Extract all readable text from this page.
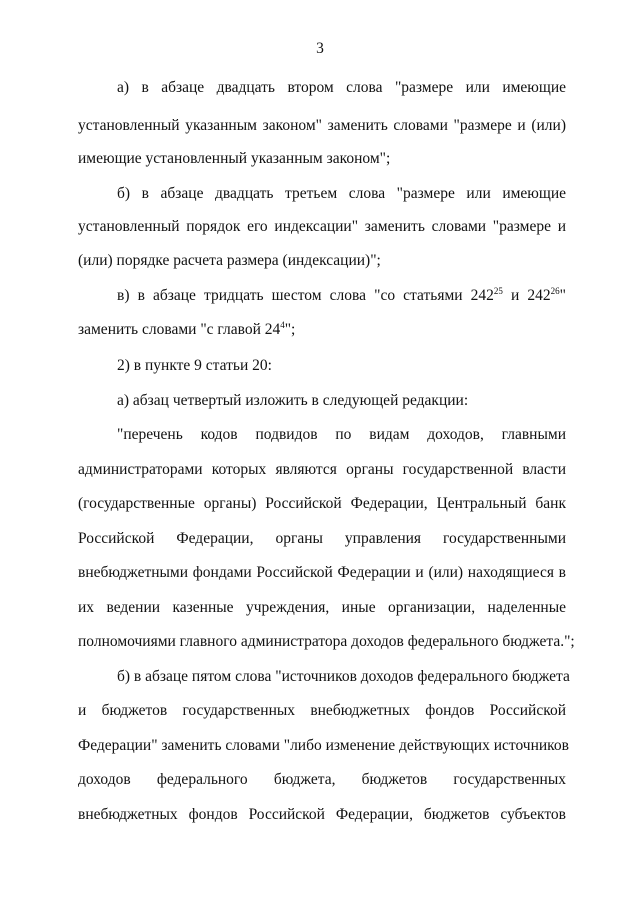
3
а) в абзаце двадцать втором слова "размере или имеющие
установленный указанным законом" заменить словами "размере и (или)
имеющие установленный указанным законом";
б) в абзаце двадцать третьем слова "размере или имеющие
установленный порядок его индексации" заменить словами "размере и
(или) порядке расчета размера (индексации)";
в) в абзаце тридцать шестом слова "со статьями $242^{25}$ и $242^{26}$"
заменить словами "с главой $24^4$";
2) в пункте 9 статьи 20:
а) абзац четвертый изложить в следующей редакции:
"перечень кодов подвидов по видам доходов, главными
администраторами которых являются органы государственной власти
(государственные органы) Российской Федерации, Центральный банк
Российской Федерации, органы управления государственными
внебюджетными фондами Российской Федерации и (или) находящиеся в
их ведении казенные учреждения, иные организации, наделенные
полномочиями главного администратора доходов федерального бюджета.";
б) в абзаце пятом слова "источников доходов федерального бюджета
и бюджетов государственных внебюджетных фондов Российской
Федерации" заменить словами "либо изменение действующих источников
доходов федерального бюджета, бюджетов государственных
внебюджетных фондов Российской Федерации, бюджетов субъектов
